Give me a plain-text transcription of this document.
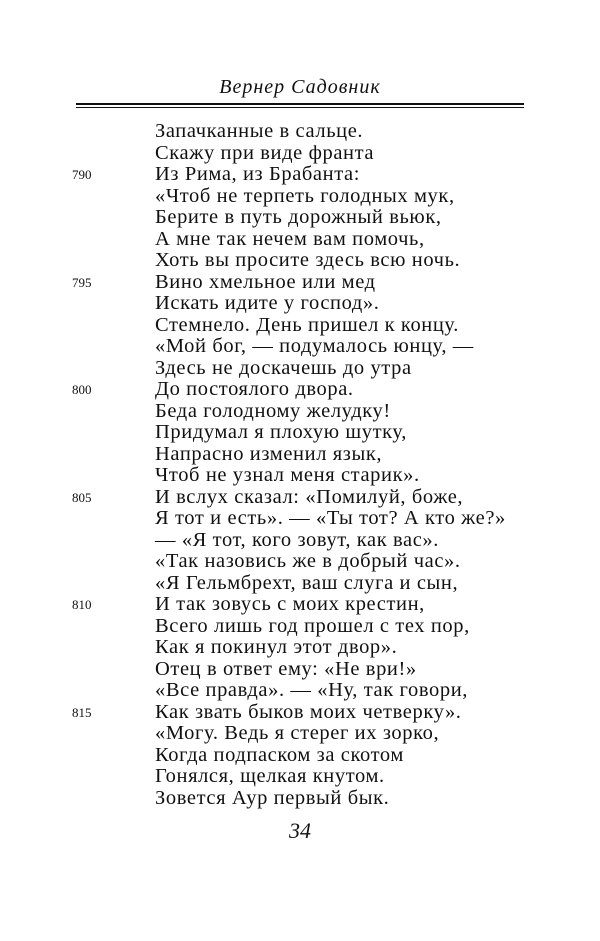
Вернер Садовник
Запачканные в сальце.
Скажу при виде франта
790	Из Рима, из Брабанта:
«Чтоб не терпеть голодных мук,
Берите в путь дорожный вьюк,
А мне так нечем вам помочь,
Хоть вы просите здесь всю ночь.
795	Вино хмельное или мед
Искать идите у господ».
Стемнело. День пришел к концу.
«Мой бог, — подумалось юнцу, —
Здесь не доскачешь до утра
800	До постоялого двора.
Беда голодному желудку!
Придумал я плохую шутку,
Напрасно изменил язык,
Чтоб не узнал меня старик».
805	И вслух сказал: «Помилуй, боже,
Я тот и есть». — «Ты тот? А кто же?»
— «Я тот, кого зовут, как вас».
«Так назовись же в добрый час».
«Я Гельмбрехт, ваш слуга и сын,
810	И так зовусь с моих крестин,
Всего лишь год прошел с тех пор,
Как я покинул этот двор».
Отец в ответ ему: «Не ври!»
«Все правда». — «Ну, так говори,
815	Как звать быков моих четверку».
«Могу. Ведь я стерег их зорко,
Когда подпаском за скотом
Гонялся, щелкая кнутом.
Зовется Аур первый бык.
34
